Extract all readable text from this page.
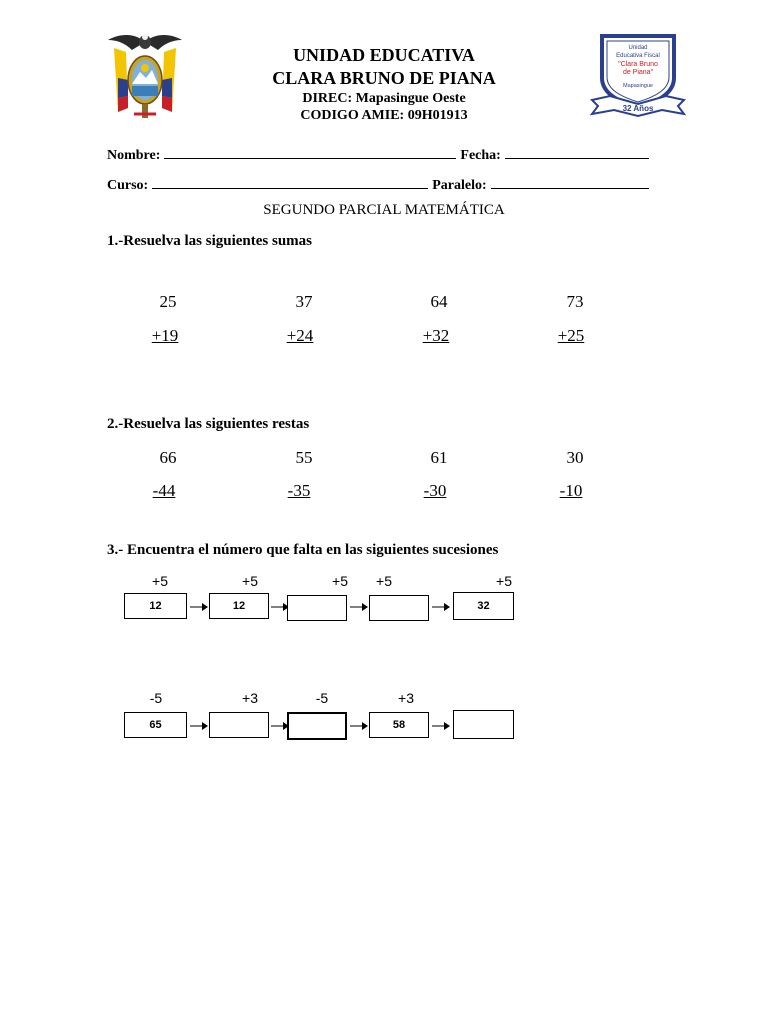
Unidad
Educativa Fiscal
"Clara Bruno
de Piana"
Mapasingue
32 Años
UNIDAD EDUCATIVA
CLARA BRUNO DE PIANA
DIREC: Mapasingue Oeste
CODIGO AMIE: 09H01913
Nombre:	Fecha:
Curso:	Paralelo:
SEGUNDO PARCIAL MATEMÁTICA
1.-Resuelva las siguientes sumas
25
+19
37
+24
64
+32
73
+25
2.-Resuelva las siguientes restas
66
-44
55
-35
61
-30
30
-10
3.- Encuentra el número que falta en las siguientes sucesiones
+5	+5	+5	+5	+5
12	12	32
-5	+3	-5	+3
65	58
